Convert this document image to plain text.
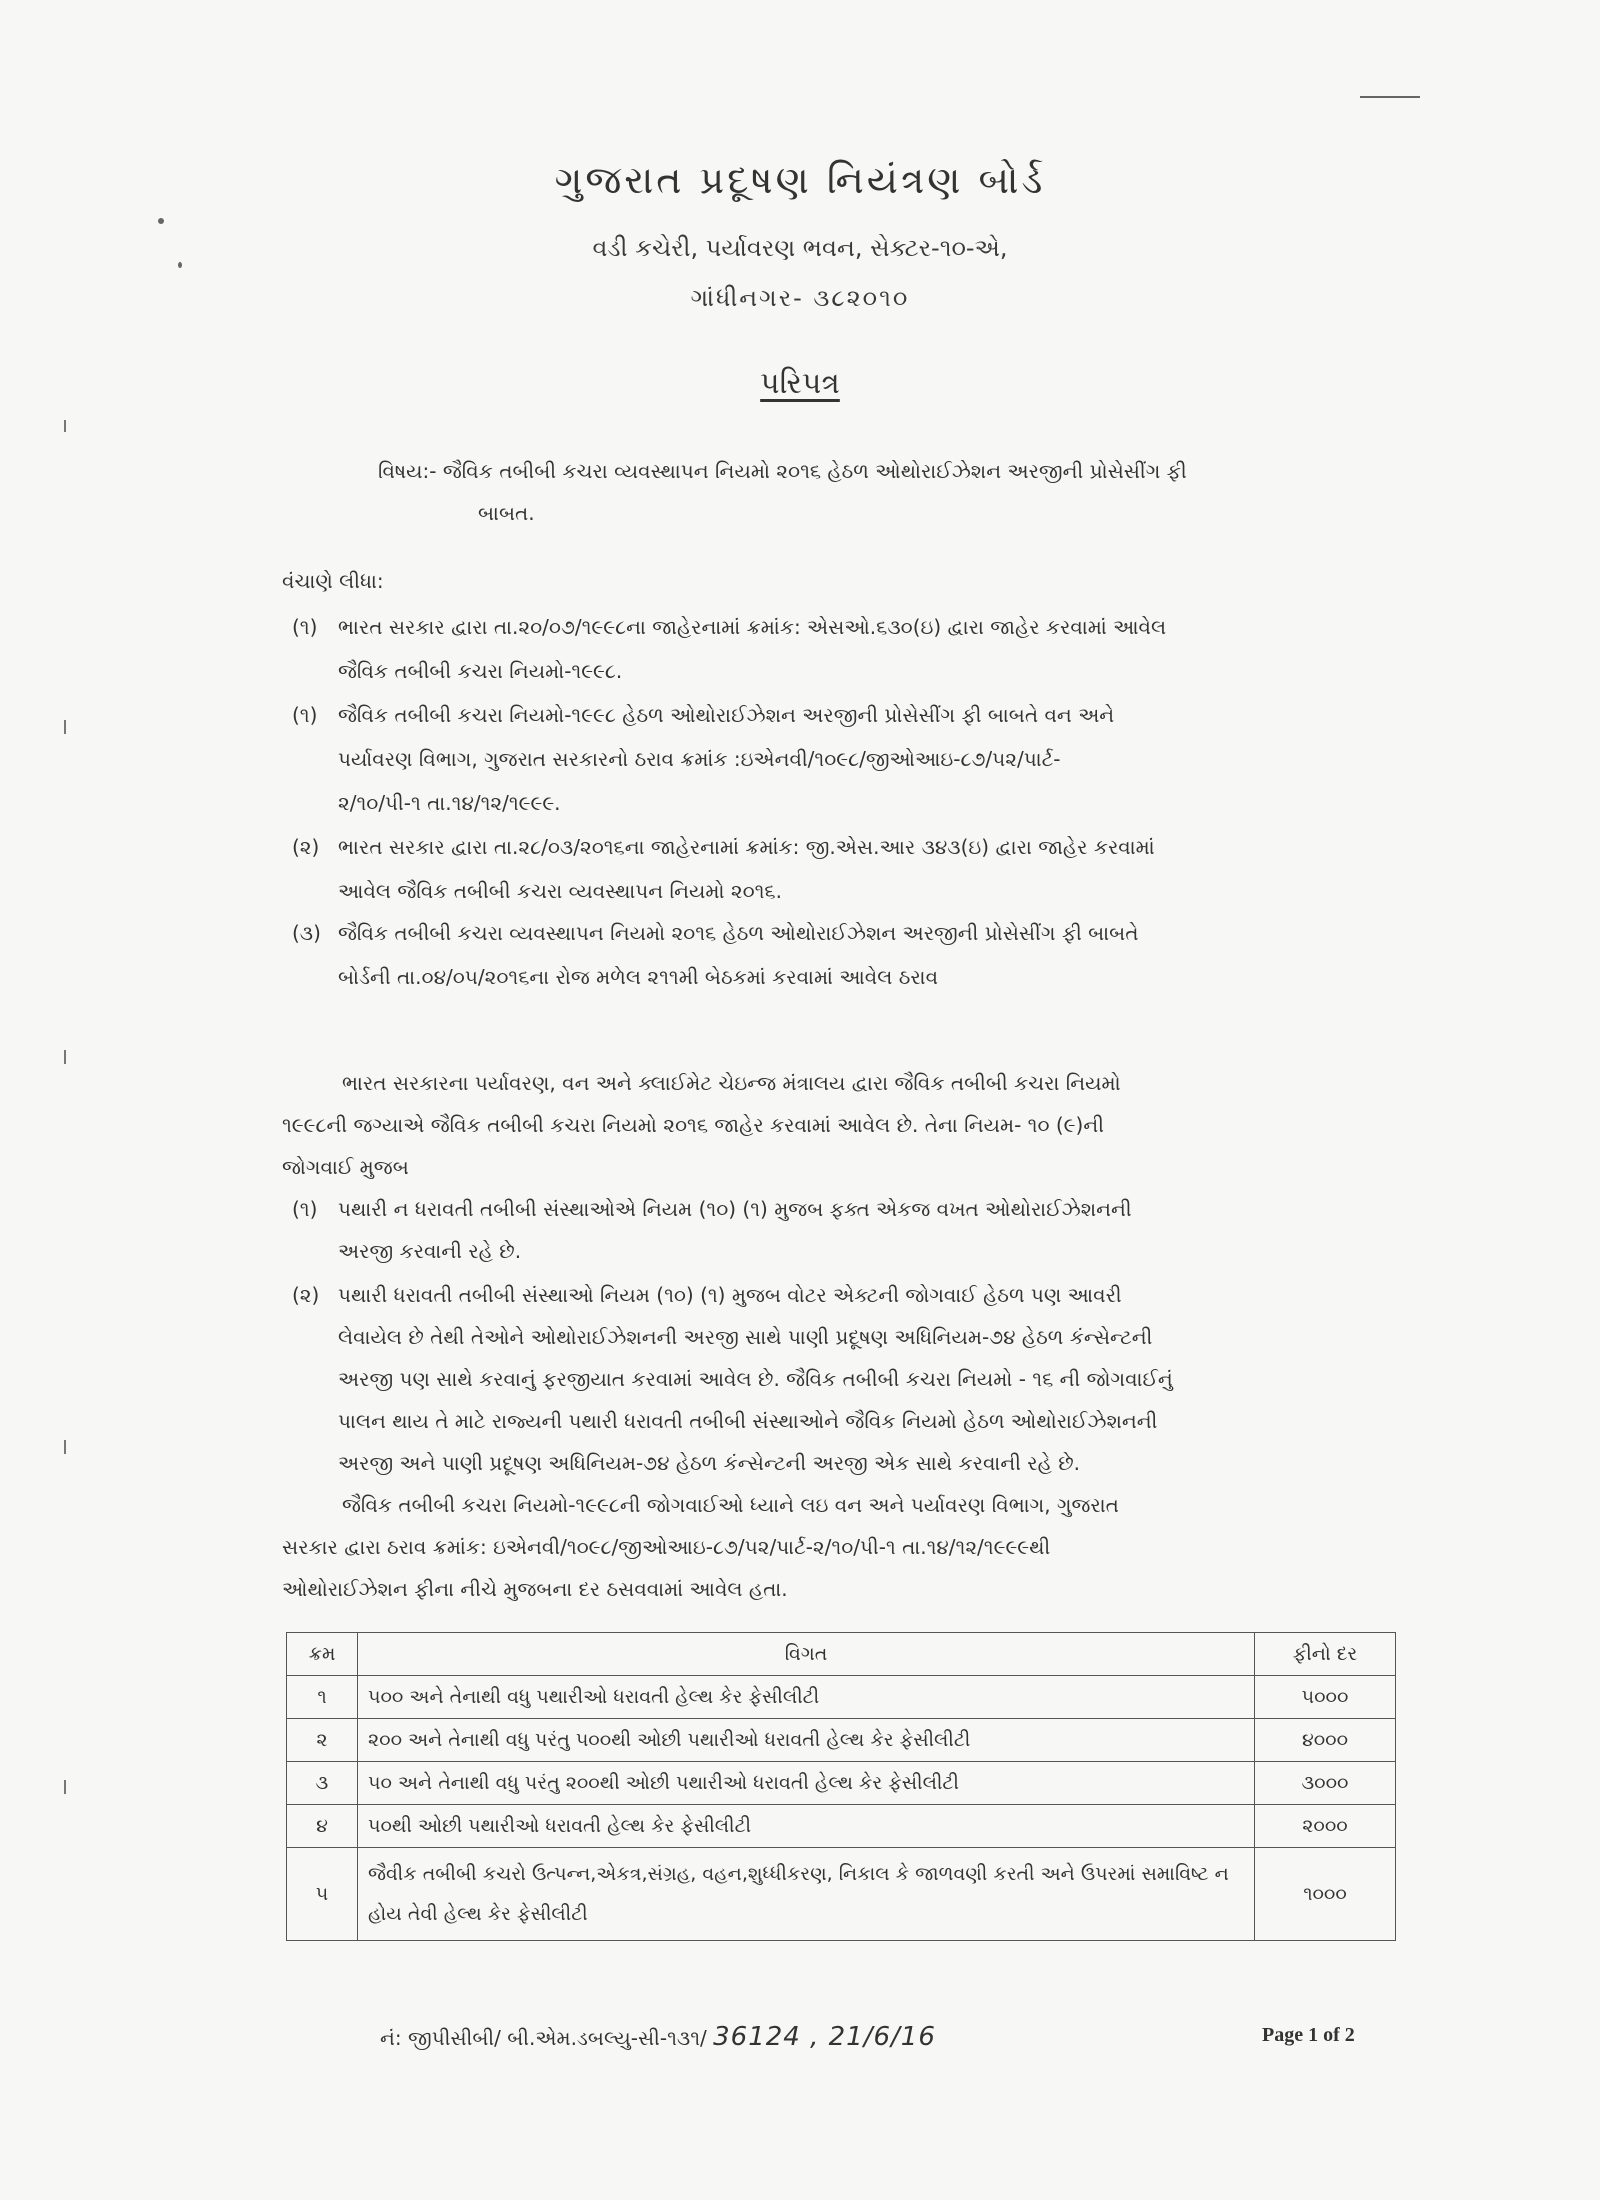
ગુજરાત પ્રદૂષણ નિયંત્રણ બોર્ડ
વડી કચેરી, પર્યાવરણ ભવન, સેક્ટર-૧૦-એ,
ગાંધીનગર- ૩૮૨૦૧૦
પરિપત્ર
વિષય:- જૈવિક તબીબી કચરા વ્યવસ્થાપન નિયમો ૨૦૧૬ હેઠળ ઓથોરાઈઝેશન અરજીની પ્રોસેસીંગ ફી
બાબત.
વંચાણે લીધા:
(૧) ભારત સરકાર દ્વારા તા.૨૦/૦૭/૧૯૯૮ના જાહેરનામાં ક્રમાંક: એસઓ.૬૩૦(ઇ) દ્વારા જાહેર કરવામાં આવેલ
જૈવિક તબીબી કચરા નિયમો-૧૯૯૮.
(૧) જૈવિક તબીબી કચરા નિયમો-૧૯૯૮ હેઠળ ઓથોરાઈઝેશન અરજીની પ્રોસેસીંગ ફી બાબતે વન અને
પર્યાવરણ વિભાગ, ગુજરાત સરકારનો ઠરાવ ક્રમાંક :ઇએનવી/૧૦૯૮/જીઓઆઇ-૮૭/૫૨/પાર્ટ-
૨/૧૦/પી-૧ તા.૧૪/૧૨/૧૯૯૯.
(૨) ભારત સરકાર દ્વારા તા.૨૮/૦૩/૨૦૧૬ના જાહેરનામાં ક્રમાંક: જી.એસ.આર ૩૪૩(ઇ) દ્વારા જાહેર કરવામાં
આવેલ જૈવિક તબીબી કચરા વ્યવસ્થાપન નિયમો ૨૦૧૬.
(૩) જૈવિક તબીબી કચરા વ્યવસ્થાપન નિયમો ૨૦૧૬ હેઠળ ઓથોરાઈઝેશન અરજીની પ્રોસેસીંગ ફી બાબતે
બોર્ડની તા.૦૪/૦૫/૨૦૧૬ના રોજ મળેલ ૨૧૧મી બેઠકમાં કરવામાં આવેલ ઠરાવ
ભારત સરકારના પર્યાવરણ, વન અને ક્લાઈમેટ ચેઇન્જ મંત્રાલય દ્વારા જૈવિક તબીબી કચરા નિયમો
૧૯૯૮ની જગ્યાએ જૈવિક તબીબી કચરા નિયમો ૨૦૧૬ જાહેર કરવામાં આવેલ છે. તેના નિયમ- ૧૦ (૯)ની
જોગવાઈ મુજબ
(૧) પથારી ન ધરાવતી તબીબી સંસ્થાઓએ નિયમ (૧૦) (૧) મુજબ ફક્ત એકજ વખત ઓથોરાઈઝેશનની
અરજી કરવાની રહે છે.
(૨) પથારી ધરાવતી તબીબી સંસ્થાઓ નિયમ (૧૦) (૧) મુજબ વોટર એક્ટની જોગવાઈ હેઠળ પણ આવરી
લેવાયેલ છે તેથી તેઓને ઓથોરાઈઝેશનની અરજી સાથે પાણી પ્રદૂષણ અધિનિયમ-૭૪ હેઠળ કંન્સેન્ટની
અરજી પણ સાથે કરવાનું ફરજીયાત કરવામાં આવેલ છે. જૈવિક તબીબી કચરા નિયમો - ૧૬ ની જોગવાઈનું
પાલન થાય તે માટે રાજ્યની પથારી ધરાવતી તબીબી સંસ્થાઓને જૈવિક નિયમો હેઠળ ઓથોરાઈઝેશનની
અરજી અને પાણી પ્રદૂષણ અધિનિયમ-૭૪ હેઠળ કંન્સેન્ટની અરજી એક સાથે કરવાની રહે છે.
જૈવિક તબીબી કચરા નિયમો-૧૯૯૮ની જોગવાઈઓ ધ્યાને લઇ વન અને પર્યાવરણ વિભાગ, ગુજરાત
સરકાર દ્વારા ઠરાવ ક્રમાંક: ઇએનવી/૧૦૯૮/જીઓઆઇ-૮૭/૫૨/પાર્ટ-૨/૧૦/પી-૧ તા.૧૪/૧૨/૧૯૯૯થી
ઓથોરાઈઝેશન ફીના નીચે મુજબના દર ઠસવવામાં આવેલ હતા.
ક્રમ	વિગત	ફીનો દર
૧	૫૦૦ અને તેનાથી વધુ પથારીઓ ધરાવતી હેલ્થ કેર ફેસીલીટી	૫૦૦૦
૨	૨૦૦ અને તેનાથી વધુ પરંતુ ૫૦૦થી ઓછી પથારીઓ ધરાવતી હેલ્થ કેર ફેસીલીટી	૪૦૦૦
૩	૫૦ અને તેનાથી વધુ પરંતુ ૨૦૦થી ઓછી પથારીઓ ધરાવતી હેલ્થ કેર ફેસીલીટી	૩૦૦૦
૪	૫૦થી ઓછી પથારીઓ ધરાવતી હેલ્થ કેર ફેસીલીટી	૨૦૦૦
૫	જૈવીક તબીબી કચરો ઉત્પન્ન,એકત્ર,સંગ્રહ, વહન,શુધ્ધીકરણ, નિકાલ કે જાળવણી કરતી અને ઉપરમાં સમાવિષ્ટ ન હોય તેવી હેલ્થ કેર ફેસીલીટી	૧૦૦૦
નં: જીપીસીબી/ બી.એમ.ડબલ્યુ-સી-૧૩૧/ 36124 , 21/6/16	Page 1 of 2
